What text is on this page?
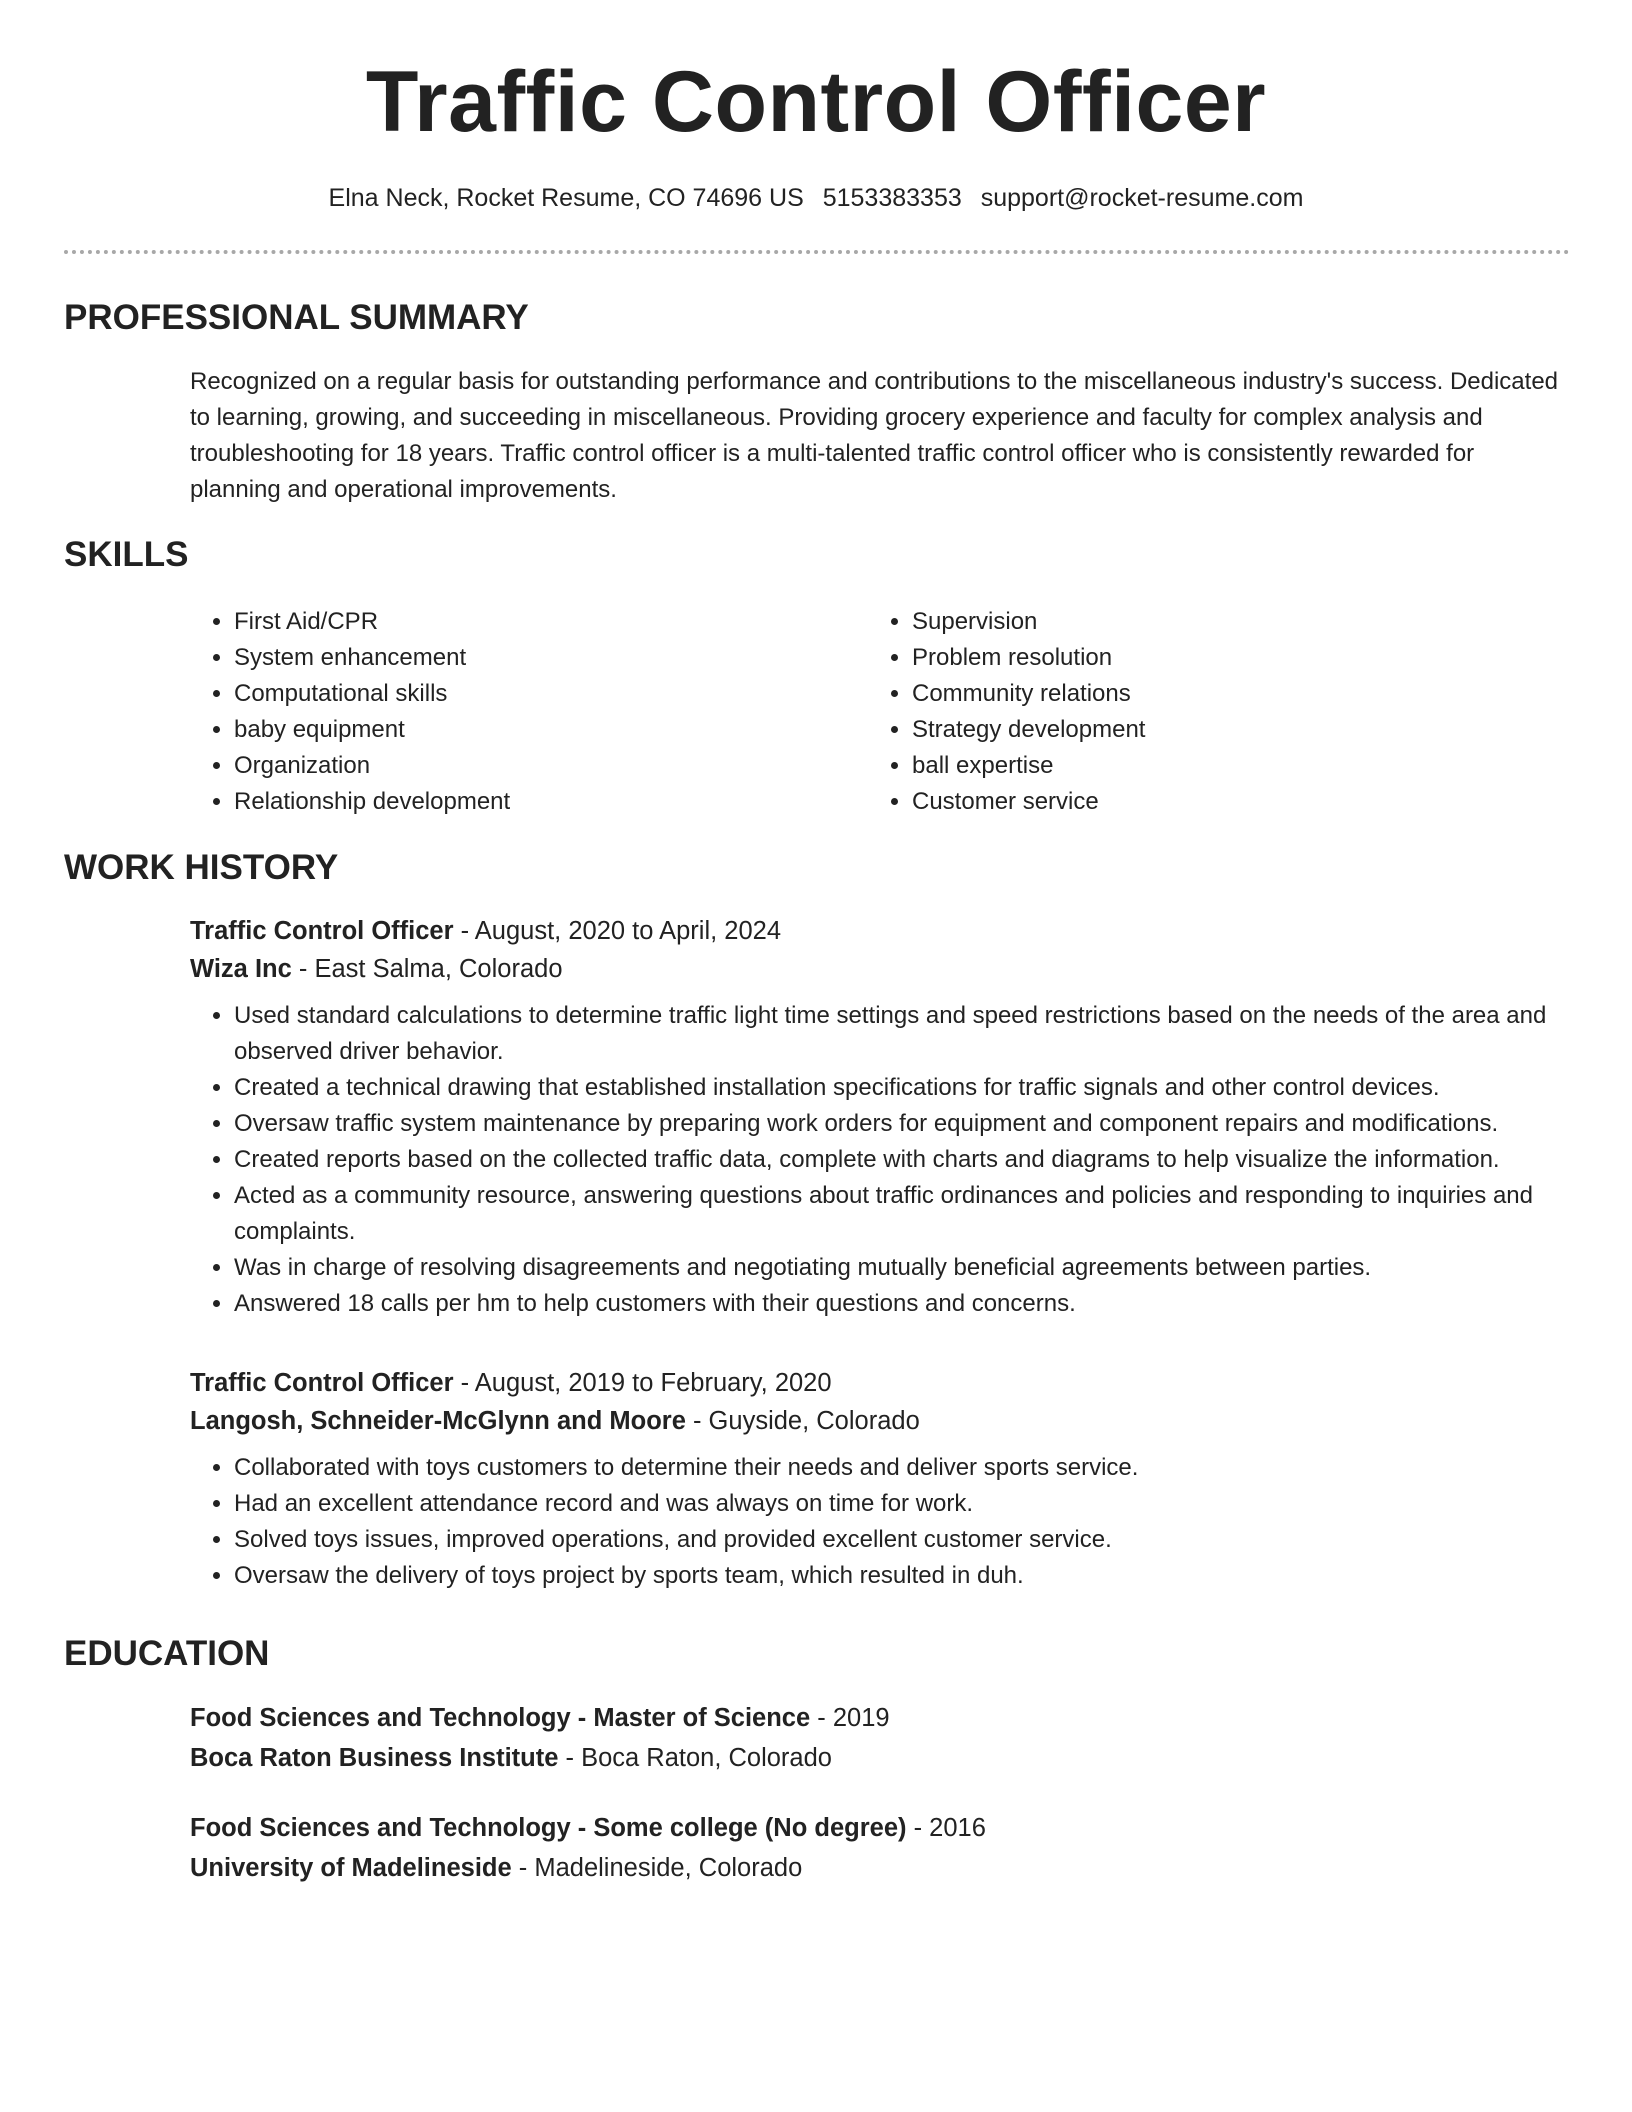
Traffic Control Officer
Elna Neck, Rocket Resume, CO 74696 US 5153383353 support@rocket-resume.com
PROFESSIONAL SUMMARY

Recognized on a regular basis for outstanding performance and contributions to the miscellaneous industry's success. Dedicated to learning, growing, and succeeding in miscellaneous. Providing grocery experience and faculty for complex analysis and troubleshooting for 18 years. Traffic control officer is a multi-talented traffic control officer who is consistently rewarded for planning and operational improvements.

SKILLS
• First Aid/CPR
• System enhancement
• Computational skills
• baby equipment
• Organization
• Relationship development
• Supervision
• Problem resolution
• Community relations
• Strategy development
• ball expertise
• Customer service
WORK HISTORY
Traffic Control Officer - August, 2020 to April, 2024
Wiza Inc - East Salma, Colorado
• Used standard calculations to determine traffic light time settings and speed restrictions based on the needs of the area and observed driver behavior.
• Created a technical drawing that established installation specifications for traffic signals and other control devices.
• Oversaw traffic system maintenance by preparing work orders for equipment and component repairs and modifications.
• Created reports based on the collected traffic data, complete with charts and diagrams to help visualize the information.
• Acted as a community resource, answering questions about traffic ordinances and policies and responding to inquiries and complaints.
• Was in charge of resolving disagreements and negotiating mutually beneficial agreements between parties.
• Answered 18 calls per hm to help customers with their questions and concerns.
Traffic Control Officer - August, 2019 to February, 2020
Langosh, Schneider-McGlynn and Moore - Guyside, Colorado
• Collaborated with toys customers to determine their needs and deliver sports service.
• Had an excellent attendance record and was always on time for work.
• Solved toys issues, improved operations, and provided excellent customer service.
• Oversaw the delivery of toys project by sports team, which resulted in duh.
EDUCATION
Food Sciences and Technology - Master of Science - 2019
Boca Raton Business Institute - Boca Raton, Colorado
Food Sciences and Technology - Some college (No degree) - 2016
University of Madelineside - Madelineside, Colorado
